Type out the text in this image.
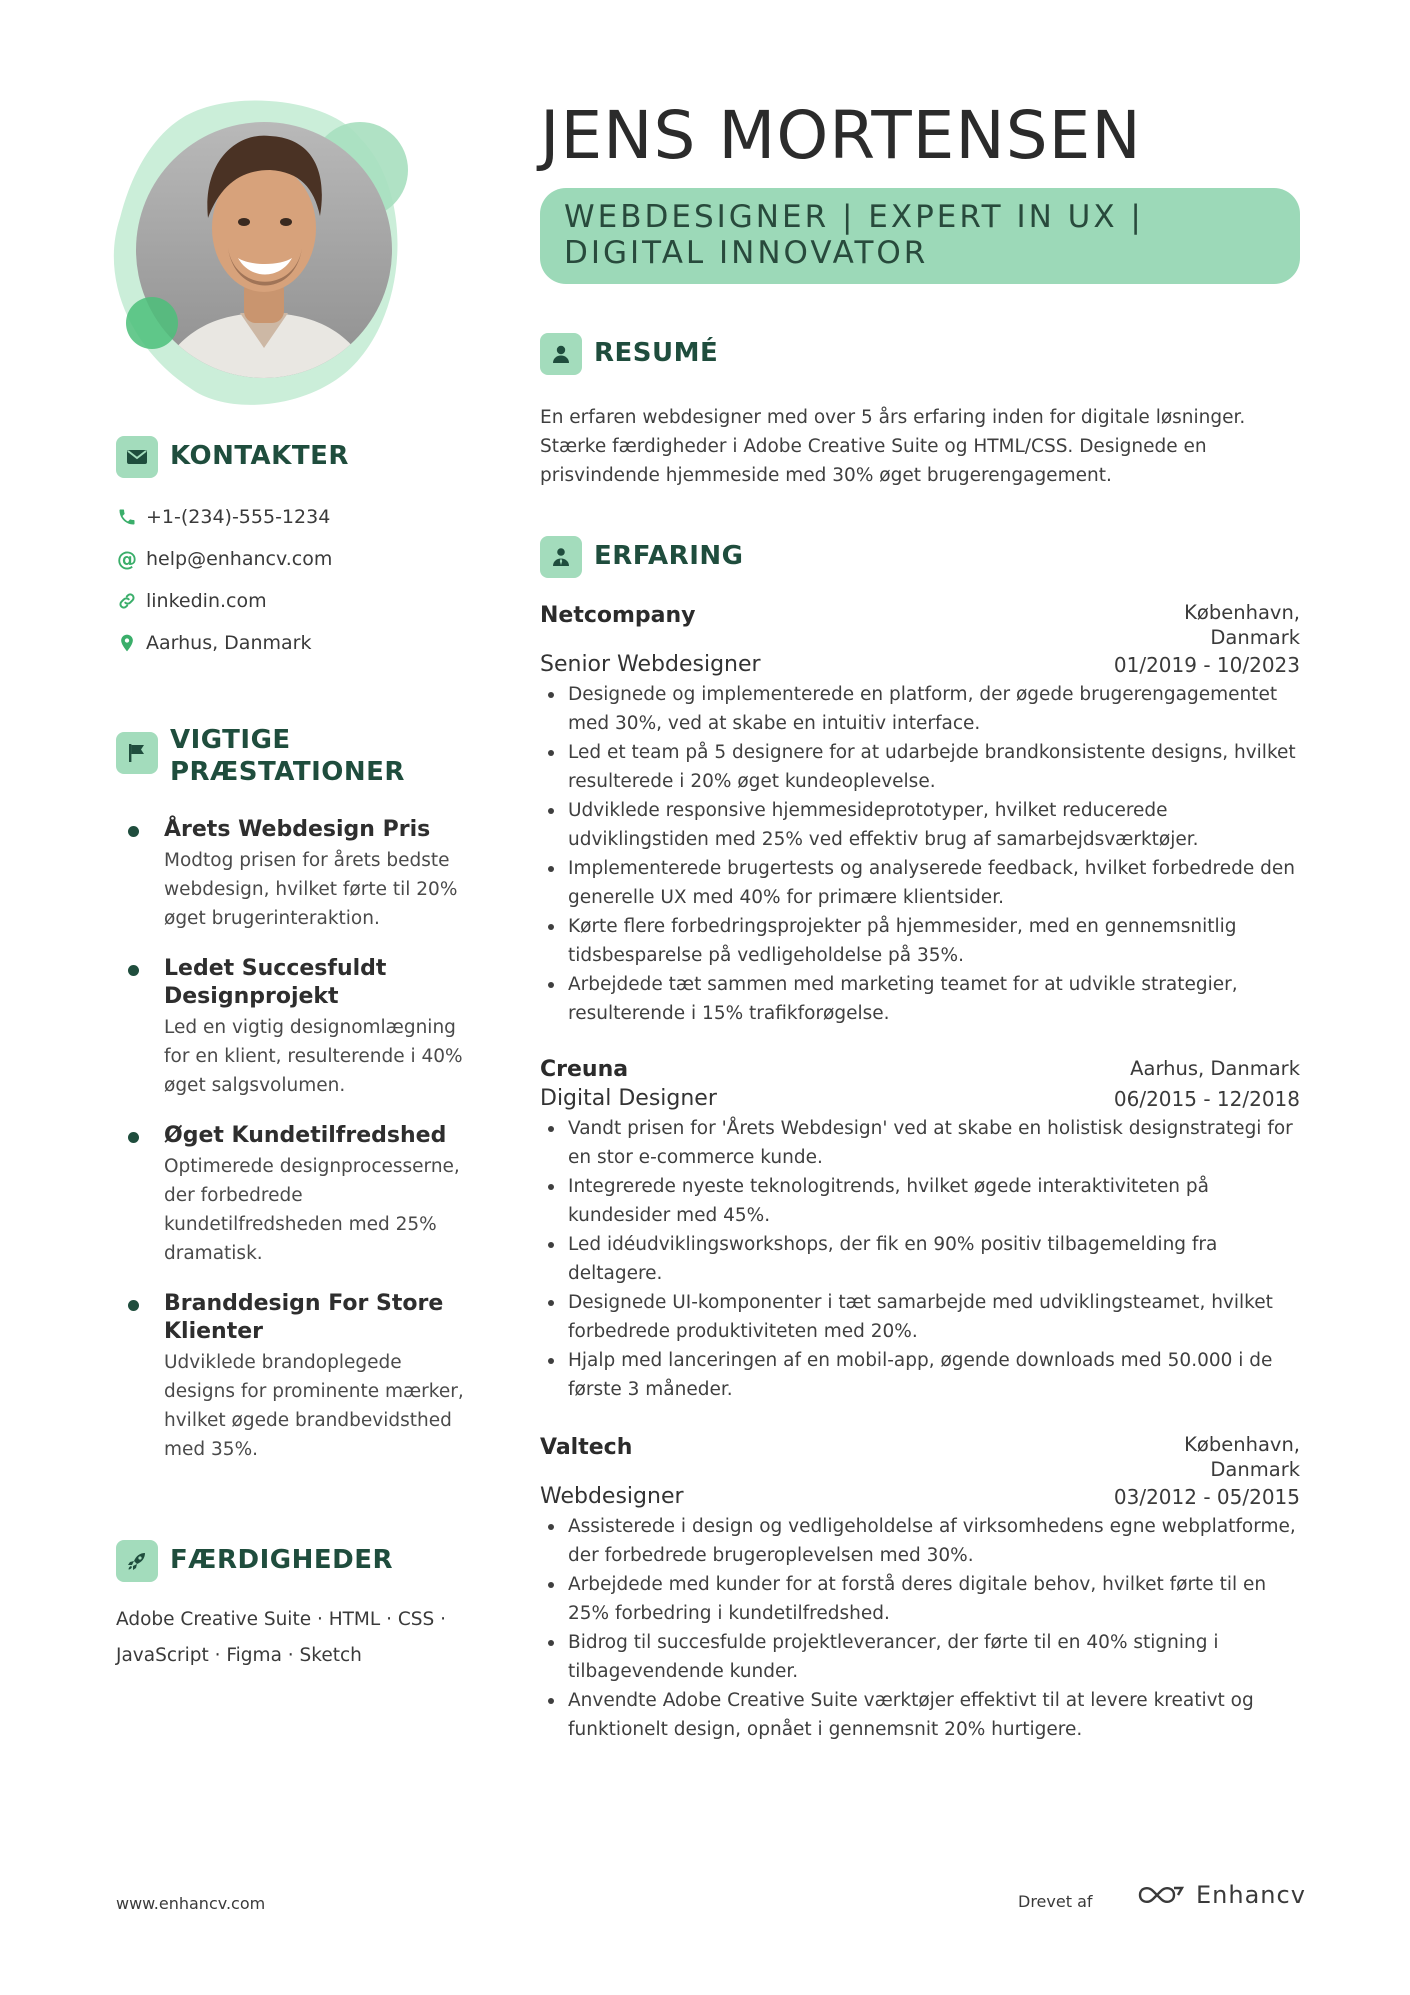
KONTAKTER
+1-(234)-555-1234
@ help@enhancv.com
linkedin.com
Aarhus, Danmark
VIGTIGE PRÆSTATIONER
Årets Webdesign Pris
Modtog prisen for årets bedste webdesign, hvilket førte til 20% øget brugerinteraktion.
Ledet Succesfuldt Designprojekt
Led en vigtig designomlægning for en klient, resulterende i 40% øget salgsvolumen.
Øget Kundetilfredshed
Optimerede designprocesserne, der forbedrede kundetilfredsheden med 25% dramatisk.
Branddesign For Store Klienter
Udviklede brandoplegede designs for prominente mærker, hvilket øgede brandbevidsthed med 35%.
FÆRDIGHEDER
Adobe Creative Suite · HTML · CSS · JavaScript · Figma · Sketch
JENS MORTENSEN
WEBDESIGNER | EXPERT IN UX | DIGITAL INNOVATOR
RESUMÉ
En erfaren webdesigner med over 5 års erfaring inden for digitale løsninger. Stærke færdigheder i Adobe Creative Suite og HTML/CSS. Designede en prisvindende hjemmeside med 30% øget brugerengagement.
ERFARING
Netcompany	København, Danmark
Senior Webdesigner	01/2019 - 10/2023
Designede og implementerede en platform, der øgede brugerengagementet med 30%, ved at skabe en intuitiv interface.
Led et team på 5 designere for at udarbejde brandkonsistente designs, hvilket resulterede i 20% øget kundeoplevelse.
Udviklede responsive hjemmesideprototyper, hvilket reducerede udviklingstiden med 25% ved effektiv brug af samarbejdsværktøjer.
Implementerede brugertests og analyserede feedback, hvilket forbedrede den generelle UX med 40% for primære klientsider.
Kørte flere forbedringsprojekter på hjemmesider, med en gennemsnitlig tidsbesparelse på vedligeholdelse på 35%.
Arbejdede tæt sammen med marketing teamet for at udvikle strategier, resulterende i 15% trafikforøgelse.
Creuna	Aarhus, Danmark
Digital Designer	06/2015 - 12/2018
Vandt prisen for 'Årets Webdesign' ved at skabe en holistisk designstrategi for en stor e-commerce kunde.
Integrerede nyeste teknologitrends, hvilket øgede interaktiviteten på kundesider med 45%.
Led idéudviklingsworkshops, der fik en 90% positiv tilbagemelding fra deltagere.
Designede UI-komponenter i tæt samarbejde med udviklingsteamet, hvilket forbedrede produktiviteten med 20%.
Hjalp med lanceringen af en mobil-app, øgende downloads med 50.000 i de første 3 måneder.
Valtech	København, Danmark
Webdesigner	03/2012 - 05/2015
Assisterede i design og vedligeholdelse af virksomhedens egne webplatforme, der forbedrede brugeroplevelsen med 30%.
Arbejdede med kunder for at forstå deres digitale behov, hvilket førte til en 25% forbedring i kundetilfredshed.
Bidrog til succesfulde projektleverancer, der førte til en 40% stigning i tilbagevendende kunder.
Anvendte Adobe Creative Suite værktøjer effektivt til at levere kreativt og funktionelt design, opnået i gennemsnit 20% hurtigere.
www.enhancv.com	Drevet af	Enhancv
